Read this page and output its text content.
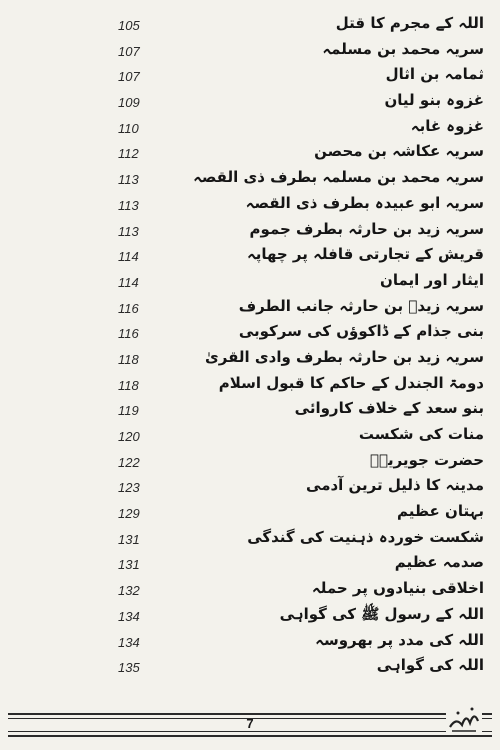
105	اللہ کے مجرم کا قتل
107	سریہ محمد بن مسلمہ
107	ثمامہ بن اثال
109	غزوہ بنو لیان
110	غزوہ غابہ
112	سریہ عکاشہ بن محصن
113	سریہ محمد بن مسلمہ بطرف ذی القصہ
113	سریہ ابو عبیدہ بطرف ذی القصہ
113	سریہ زید بن حارثہ بطرف جموم
114	قریش کے تجارتی قافلہ پر چھاپہ
114	ایثار اور ایمان
116	سریہ زیدؓ بن حارثہ جانب الطرف
116	بنی جذام کے ڈاکوؤں کی سرکوبی
118	سریہ زید بن حارثہ بطرف وادی القریٰ
118	دومۃ الجندل کے حاکم کا قبول اسلام
119	بنو سعد کے خلاف کاروائی
120	منات کی شکست
122	حضرت جویریہؓ
123	مدینہ کا ذلیل ترین آدمی
129	بہتان عظیم
131	شکست خوردہ ذہنیت کی گندگی
131	صدمہ عظیم
132	اخلاقی بنیادوں پر حملہ
134	اللہ کے رسول ﷺ کی گواہی
134	اللہ کی مدد پر بھروسہ
135	اللہ کی گواہی
7
